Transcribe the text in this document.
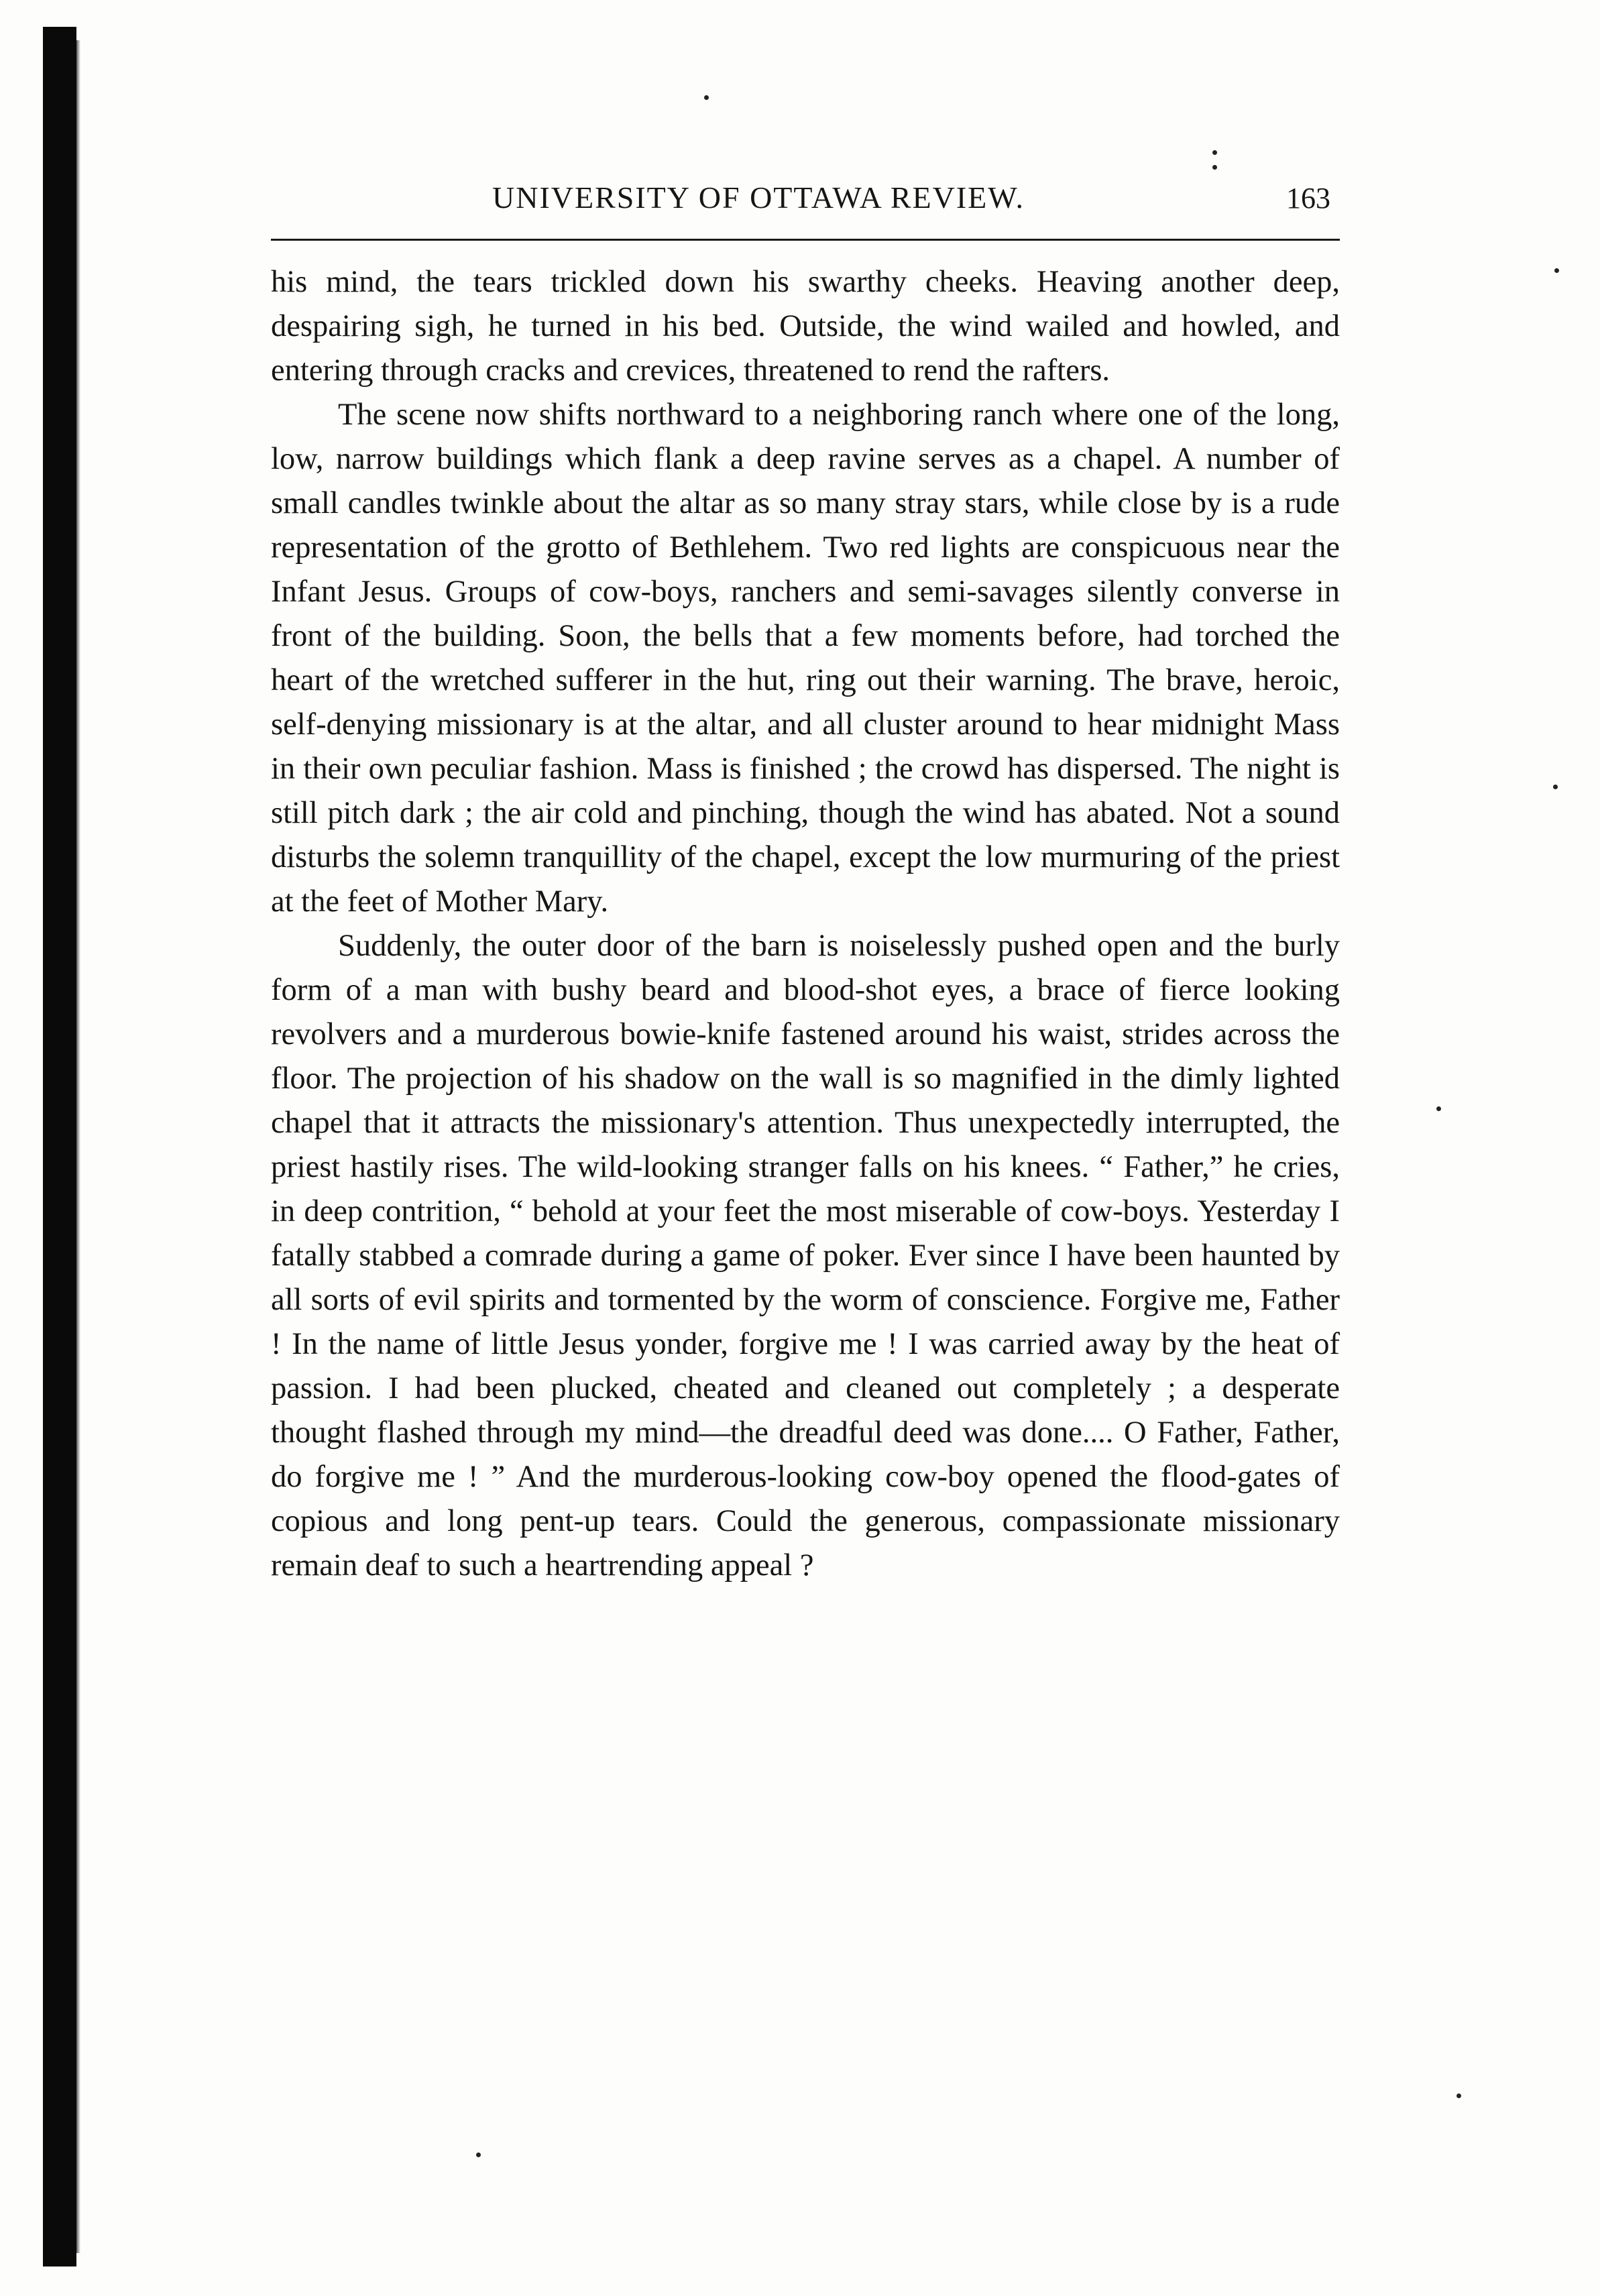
UNIVERSITY OF OTTAWA REVIEW.	163

his mind, the tears trickled down his swarthy cheeks. Heaving another deep, despairing sigh, he turned in his bed. Outside, the wind wailed and howled, and entering through cracks and crevices, threatened to rend the rafters.

The scene now shifts northward to a neighboring ranch where one of the long, low, narrow buildings which flank a deep ravine serves as a chapel. A number of small candles twinkle about the altar as so many stray stars, while close by is a rude representation of the grotto of Bethlehem. Two red lights are conspicuous near the Infant Jesus. Groups of cow-boys, ranchers and semi-savages silently converse in front of the building. Soon, the bells that a few moments before, had torched the heart of the wretched sufferer in the hut, ring out their warning. The brave, heroic, self-denying missionary is at the altar, and all cluster around to hear midnight Mass in their own peculiar fashion. Mass is finished ; the crowd has dispersed. The night is still pitch dark ; the air cold and pinching, though the wind has abated. Not a sound disturbs the solemn tranquillity of the chapel, except the low murmuring of the priest at the feet of Mother Mary.

Suddenly, the outer door of the barn is noiselessly pushed open and the burly form of a man with bushy beard and blood-shot eyes, a brace of fierce looking revolvers and a murderous bowie-knife fastened around his waist, strides across the floor. The projection of his shadow on the wall is so magnified in the dimly lighted chapel that it attracts the missionary's attention. Thus unexpectedly interrupted, the priest hastily rises. The wild-looking stranger falls on his knees. “ Father,” he cries, in deep contrition, “ behold at your feet the most miserable of cow-boys. Yesterday I fatally stabbed a comrade during a game of poker. Ever since I have been haunted by all sorts of evil spirits and tormented by the worm of conscience. Forgive me, Father ! In the name of little Jesus yonder, forgive me ! I was carried away by the heat of passion. I had been plucked, cheated and cleaned out completely ; a desperate thought flashed through my mind—the dreadful deed was done.... O Father, Father, do forgive me ! ” And the murderous-looking cow-boy opened the flood-gates of copious and long pent-up tears. Could the generous, compassionate missionary remain deaf to such a heartrending appeal ?
